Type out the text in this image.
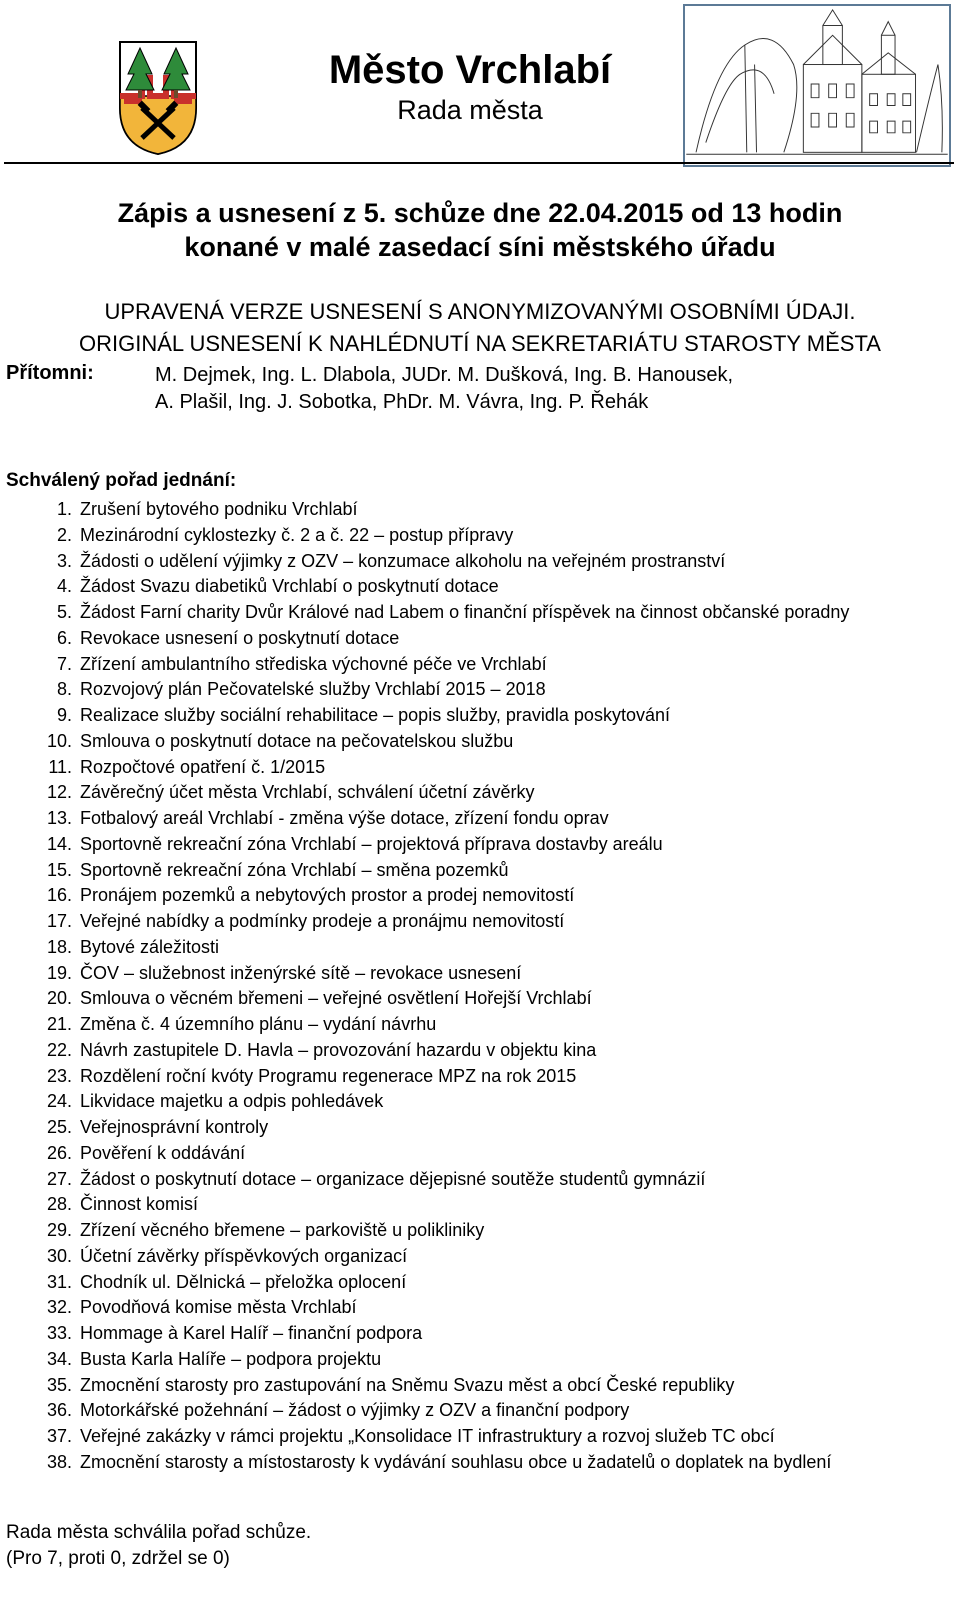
Město Vrchlabí
Rada města
Zápis a usnesení z 5. schůze dne 22.04.2015 od 13 hodin
konané v malé zasedací síni městského úřadu
UPRAVENÁ VERZE USNESENÍ S ANONYMIZOVANÝMI OSOBNÍMI ÚDAJI.
ORIGINÁL USNESENÍ K NAHLÉDNUTÍ NA SEKRETARIÁTU STAROSTY MĚSTA
Přítomni:	M. Dejmek, Ing. L. Dlabola, JUDr. M. Dušková, Ing. B. Hanousek,
A. Plašil, Ing. J. Sobotka, PhDr. M. Vávra, Ing. P. Řehák
Schválený pořad jednání:
1. Zrušení bytového podniku Vrchlabí
2. Mezinárodní cyklostezky č. 2 a č. 22 – postup přípravy
3. Žádosti o udělení výjimky z OZV – konzumace alkoholu na veřejném prostranství
4. Žádost Svazu diabetiků Vrchlabí o poskytnutí dotace
5. Žádost Farní charity Dvůr Králové nad Labem o finanční příspěvek na činnost občanské poradny
6. Revokace usnesení o poskytnutí dotace
7. Zřízení ambulantního střediska výchovné péče ve Vrchlabí
8. Rozvojový plán Pečovatelské služby Vrchlabí 2015 – 2018
9. Realizace služby sociální rehabilitace – popis služby, pravidla poskytování
10. Smlouva o poskytnutí dotace na pečovatelskou službu
11. Rozpočtové opatření č. 1/2015
12. Závěrečný účet města Vrchlabí, schválení účetní závěrky
13. Fotbalový areál Vrchlabí - změna výše dotace, zřízení fondu oprav
14. Sportovně rekreační zóna Vrchlabí – projektová příprava dostavby areálu
15. Sportovně rekreační zóna Vrchlabí – směna pozemků
16. Pronájem pozemků a nebytových prostor a prodej nemovitostí
17. Veřejné nabídky a podmínky prodeje a pronájmu nemovitostí
18. Bytové záležitosti
19. ČOV – služebnost inženýrské sítě – revokace usnesení
20. Smlouva o věcném břemeni – veřejné osvětlení Hořejší Vrchlabí
21. Změna č. 4 územního plánu – vydání návrhu
22. Návrh zastupitele D. Havla – provozování hazardu v objektu kina
23. Rozdělení roční kvóty Programu regenerace MPZ na rok 2015
24. Likvidace majetku a odpis pohledávek
25. Veřejnosprávní kontroly
26. Pověření k oddávání
27. Žádost o poskytnutí dotace – organizace dějepisné soutěže studentů gymnázií
28. Činnost komisí
29. Zřízení věcného břemene – parkoviště u polikliniky
30. Účetní závěrky příspěvkových organizací
31. Chodník ul. Dělnická – přeložka oplocení
32. Povodňová komise města Vrchlabí
33. Hommage à Karel Halíř – finanční podpora
34. Busta Karla Halíře – podpora projektu
35. Zmocnění starosty pro zastupování na Sněmu Svazu měst a obcí České republiky
36. Motorkářské požehnání – žádost o výjimky z OZV a finanční podpory
37. Veřejné zakázky v rámci projektu „Konsolidace IT infrastruktury a rozvoj služeb TC obcí
38. Zmocnění starosty a místostarosty k vydávání souhlasu obce u žadatelů o doplatek na bydlení
Rada města schválila pořad schůze.
(Pro 7, proti 0, zdržel se 0)
